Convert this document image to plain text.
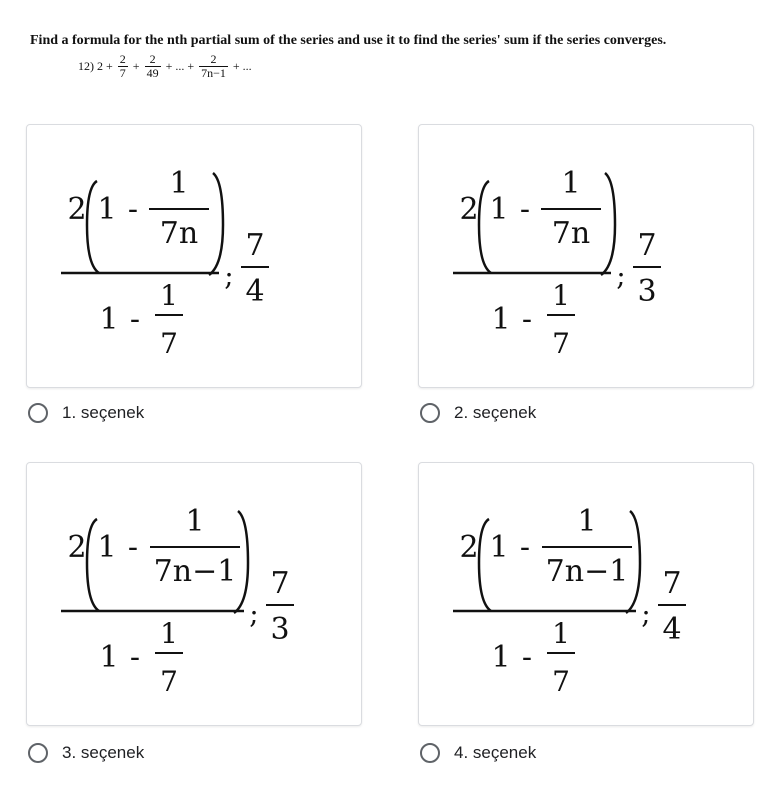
Find a formula for the nth partial sum of the series and use it to find the series' sum if the series converges.
12) $2 + \frac{2}{7} + \frac{2}{49}$ + ... + $\frac{2}{7n-1}$ + ...
2 1 -
1
7n
1 -
1
7
;
7
4
2 1 -
1
7n
1 -
1
7
;
7
3
2 1 -
1
7n−1
1 -
1
7
;
7
3
2 1 -
1
7n−1
1 -
1
7
;
7
4
1. seçenek	2. seçenek
3. seçenek	4. seçenek
